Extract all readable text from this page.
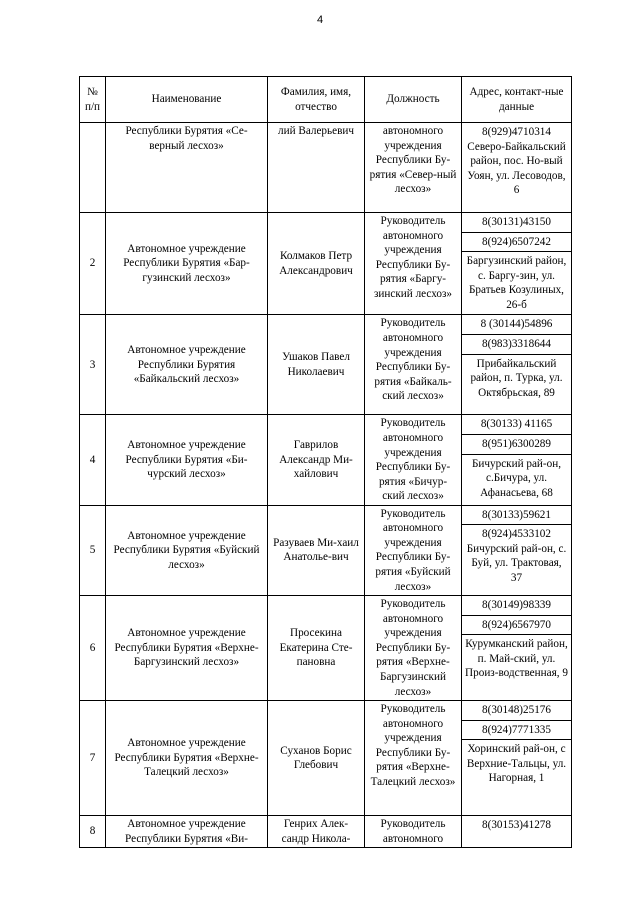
4
№ п/п	Наименование	Фамилия, имя, отчество	Должность	Адрес, контакт-ные данные
	Республики Бурятия «Се-верный лесхоз»	лий Валерьевич	автономного учреждения Республики Бу-рятия «Север-ный лесхоз»	8(929)4710314 Северо-Байкальский район, пос. Но-вый Уоян, ул. Лесоводов, 6

2	Автономное учреждение Республики Бурятия «Бар-гузинский лесхоз»	Колмаков Петр Александрович	Руководитель автономного учреждения Республики Бу-рятия «Баргу-зинский лесхоз»	8(30131)43150
8(924)6507242
Баргузинский район, с. Баргу-зин, ул. Братьев Козулиных, 26-б

3	Автономное учреждение Республики Бурятия «Байкальский лесхоз»	Ушаков Павел Николаевич	Руководитель автономного учреждения Республики Бу-рятия «Байкаль-ский лесхоз»	8 (30144)54896
8(983)3318644
Прибайкальский район, п. Турка, ул. Октябрьская, 89

4	Автономное учреждение Республики Бурятия «Би-чурский лесхоз»	Гаврилов Александр Ми-хайлович	Руководитель автономного учреждения Республики Бу-рятия «Бичур-ский лесхоз»	8(30133) 41165
8(951)6300289
Бичурский рай-он, с.Бичура, ул. Афанасьева, 68

5	Автономное учреждение Республики Бурятия «Буйский лесхоз»	Разуваев Ми-хаил Анатолье-вич	Руководитель автономного учреждения Республики Бу-рятия «Буйский лесхоз»	8(30133)59621
8(924)4533102 Бичурский рай-он, с. Буй, ул. Трактовая, 37

6	Автономное учреждение Республики Бурятия «Верхне-Баргузинский лесхоз»	Просекина Екатерина Сте-пановна	Руководитель автономного учреждения Республики Бу-рятия «Верхне-Баргузинский лесхоз»	8(30149)98339
8(924)6567970
Курумканский район, п. Май-ский, ул. Произ-водственная, 9

7	Автономное учреждение Республики Бурятия «Верхне-Талецкий лесхоз»	Суханов Борис Глебович	Руководитель автономного учреждения Республики Бу-рятия «Верхне-Талецкий лесхоз»	8(30148)25176
8(924)7771335
Хоринский рай-он, с Верхние-Тальцы, ул. Нагорная, 1

8	Автономное учреждение Республики Бурятия «Ви-	Генрих Алек-сандр Никола-	Руководитель автономного	8(30153)41278
